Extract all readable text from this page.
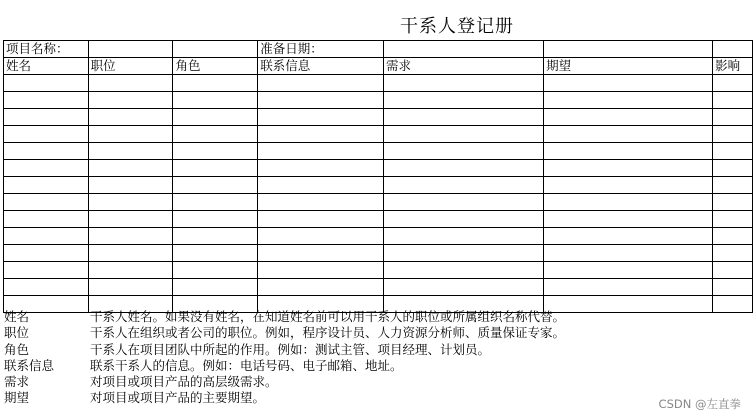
干系人登记册
项目名称：			准备日期：			
姓名	职位	角色	联系信息	需求	期望	影响

姓名	干系人姓名。如果没有姓名，在知道姓名前可以用干系人的职位或所属组织名称代替。
职位	干系人在组织或者公司的职位。例如，程序设计员、人力资源分析师、质量保证专家。
角色	干系人在项目团队中所起的作用。例如：测试主管、项目经理、计划员。
联系信息	联系干系人的信息。例如：电话号码、电子邮箱、地址。
需求	对项目或项目产品的高层级需求。
期望	对项目或项目产品的主要期望。	CSDN @左直拳
